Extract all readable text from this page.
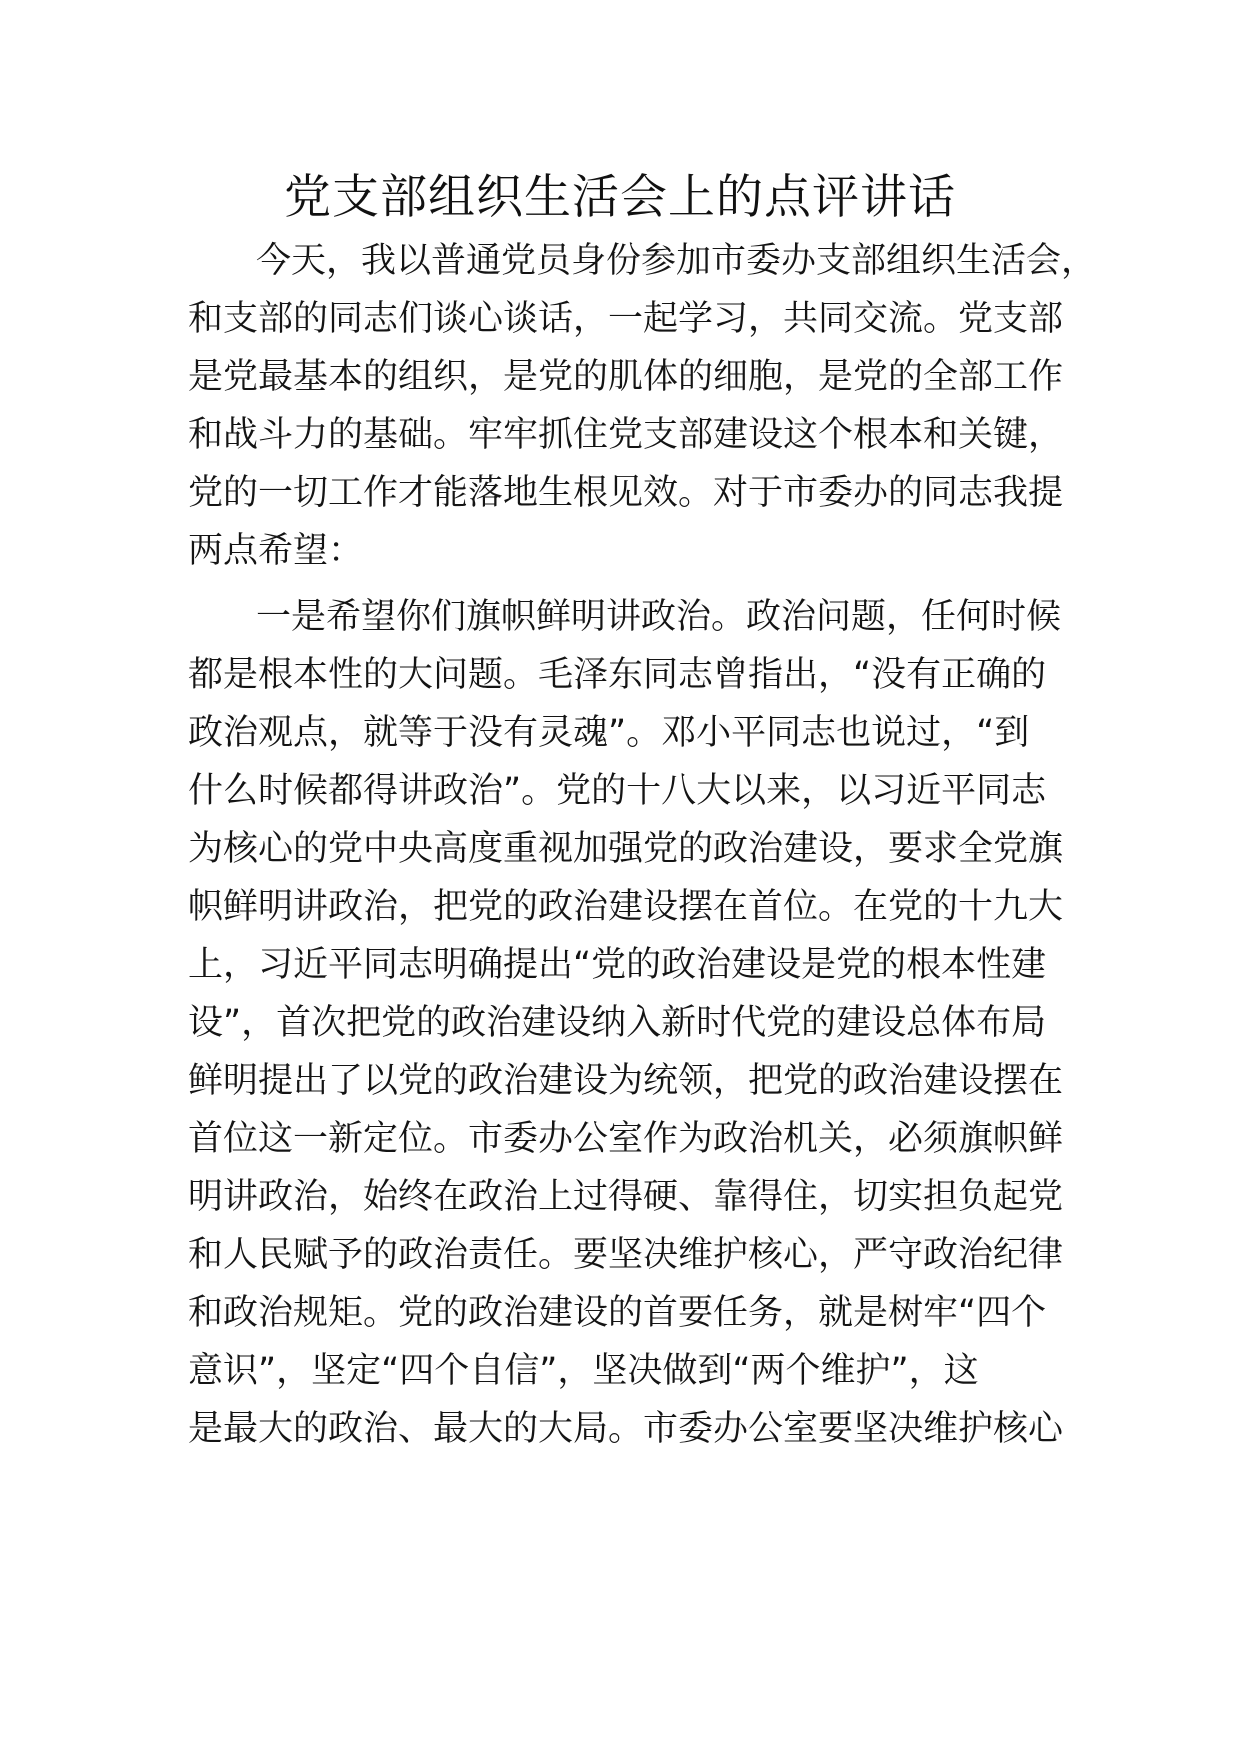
党支部组织生活会上的点评讲话

今天，我以普通党员身份参加市委办支部组织生活会，

和支部的同志们谈心谈话，一起学习，共同交流。党支部

是党最基本的组织，是党的肌体的细胞，是党的全部工作

和战斗力的基础。牢牢抓住党支部建设这个根本和关键，

党的一切工作才能落地生根见效。对于市委办的同志我提

两点希望：

一是希望你们旗帜鲜明讲政治。政治问题，任何时候

都是根本性的大问题。毛泽东同志曾指出，“没有正确的

政治观点，就等于没有灵魂”。邓小平同志也说过，“到

什么时候都得讲政治”。党的十八大以来，以习近平同志

为核心的党中央高度重视加强党的政治建设，要求全党旗

帜鲜明讲政治，把党的政治建设摆在首位。在党的十九大

上，习近平同志明确提出“党的政治建设是党的根本性建

设”，首次把党的政治建设纳入新时代党的建设总体布局

鲜明提出了以党的政治建设为统领，把党的政治建设摆在

首位这一新定位。市委办公室作为政治机关，必须旗帜鲜

明讲政治，始终在政治上过得硬、靠得住，切实担负起党

和人民赋予的政治责任。要坚决维护核心，严守政治纪律

和政治规矩。党的政治建设的首要任务，就是树牢“四个

意识”，坚定“四个自信”，坚决做到“两个维护”，这

是最大的政治、最大的大局。市委办公室要坚决维护核心
